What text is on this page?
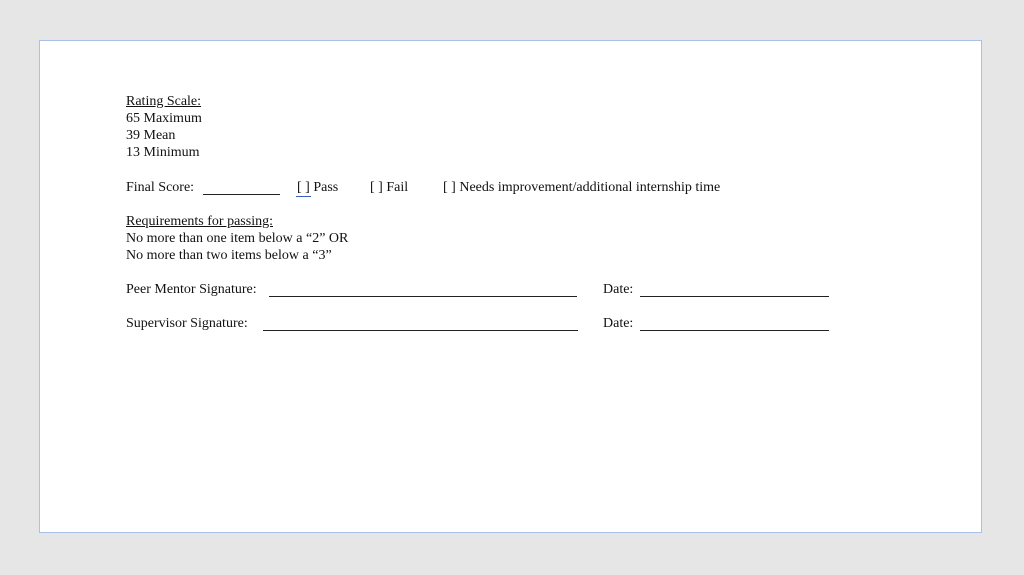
Rating Scale:
65 Maximum
39 Mean
13 Minimum
Final Score:	[ ] Pass [ ] Fail [ ] Needs improvement/additional internship time
Requirements for passing:
No more than one item below a “2” OR
No more than two items below a “3”
Peer Mentor Signature:	Date:
Supervisor Signature:	Date:
